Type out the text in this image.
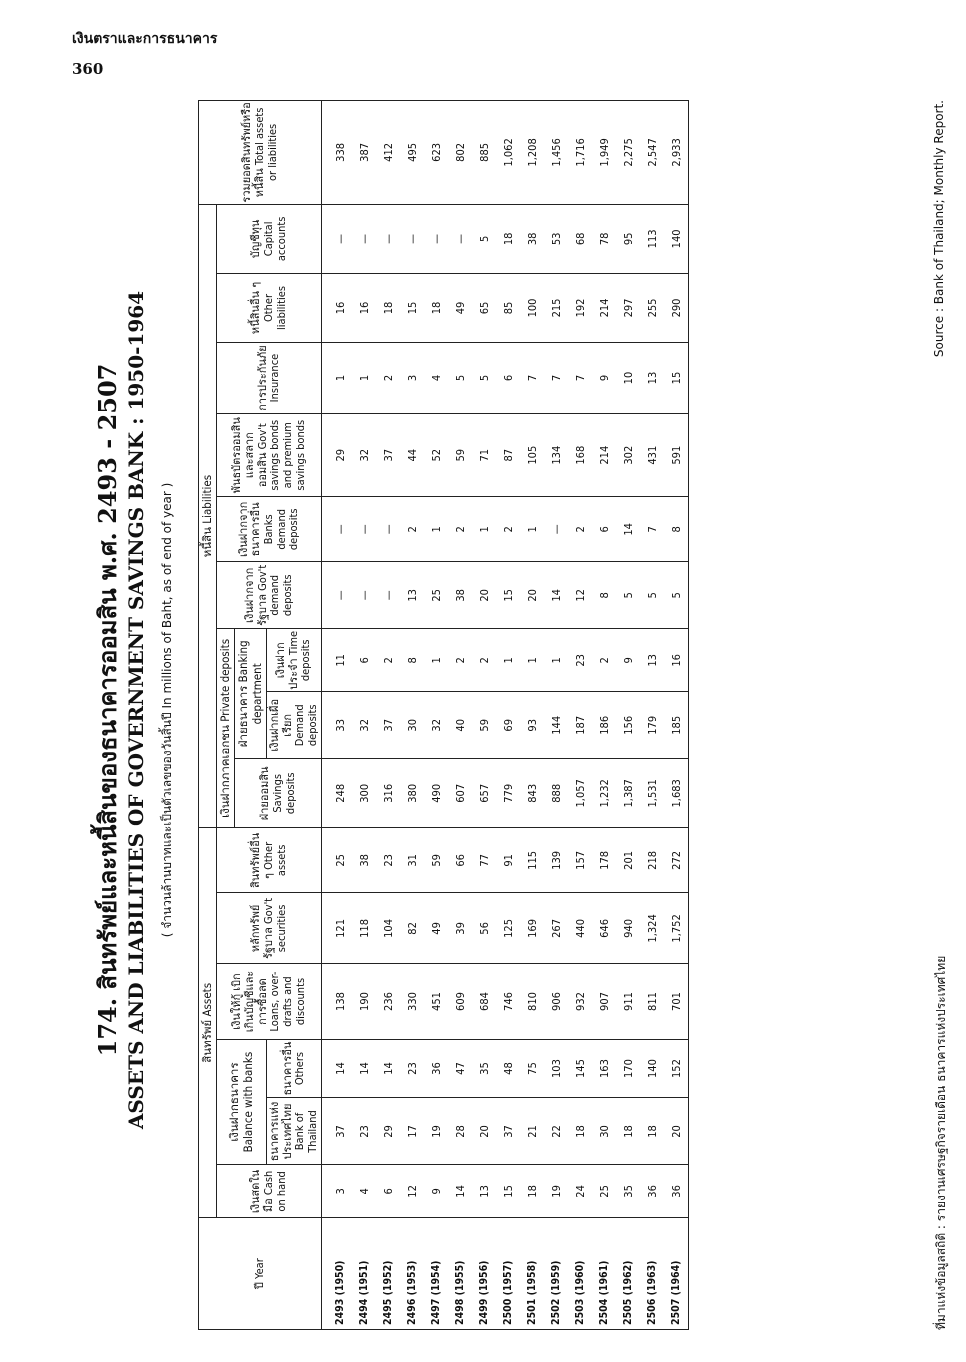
เงินตราและการธนาคาร
360
174. สินทรัพย์และหนี้สินของธนาคารออมสิน พ.ศ. 2493 - 2507 ASSETS AND LIABILITIES OF GOVERNMENT SAVINGS BANK : 1950-1964 ( จำนวนล้านบาทและเป็นตัวเลขของวันสิ้นปี In millions of Baht, as of end of year )
ปี Year	สินทรัพย์ Assets						หนี้สิน Liabilities									รวมยอดสินทรัพย์หรือหนี้สิน Total assets or liabilities
	เงินสดในมือ Cash on hand	เงินฝากธนาคาร Balance with banks		เงินให้กู้ เบิกเกินบัญชีและการซื้อลด Loans, over-drafts and discounts	หลักทรัพย์รัฐบาล Gov't securities	สินทรัพย์อื่น ๆ Other assets	เงินฝากภาคเอกชน Private deposits			เงินฝากจากรัฐบาล Gov't demand deposits	เงินฝากจากธนาคารอื่น Banks demand deposits	พันธบัตรออมสินและสลากออมสิน Gov't savings bonds and premium savings bonds	การประกันภัย Insurance	หนี้สินอื่น ๆ Other liabilities	บัญชีทุน Capital accounts	
							ฝ่ายออมสิน Savings deposits	ฝ่ายธนาคาร Banking department								
		ธนาคารแห่งประเทศไทย Bank of Thailand	ธนาคารอื่น Others					เงินฝากเผื่อเรียก Demand deposits	เงินฝากประจำ Time deposits							
2493 (1950)	3	37	14	138	121	25	248	33	11	—	—	29	1	16	—	338
2494 (1951)	4	23	14	190	118	38	300	32	6	—	—	32	1	16	—	387
2495 (1952)	6	29	14	236	104	23	316	37	2	—	—	37	2	18	—	412
2496 (1953)	12	17	23	330	82	31	380	30	8	13	2	44	3	15	—	495
2497 (1954)	9	19	36	451	49	59	490	32	1	25	1	52	4	18	—	623
2498 (1955)	14	28	47	609	39	66	607	40	2	38	2	59	5	49	—	802
2499 (1956)	13	20	35	684	56	77	657	59	2	20	1	71	5	65	5	885
2500 (1957)	15	37	48	746	125	91	779	69	1	15	2	87	6	85	18	1,062
2501 (1958)	18	21	75	810	169	115	843	93	1	20	1	105	7	100	38	1,208
2502 (1959)	19	22	103	906	267	139	888	144	1	14	—	134	7	215	53	1,456
2503 (1960)	24	18	145	932	440	157	1,057	187	23	12	2	168	7	192	68	1,716
2504 (1961)	25	30	163	907	646	178	1,232	186	2	8	6	214	9	214	78	1,949
2505 (1962)	35	18	170	911	940	201	1,387	156	9	5	14	302	10	297	95	2,275
2506 (1963)	36	18	140	811	1,324	218	1,531	179	13	5	7	431	13	255	113	2,547
2507 (1964)	36	20	152	701	1,752	272	1,683	185	16	5	8	591	15	290	140	2,933
ที่มาแห่งข้อมูลสถิติ : รายงานเศรษฐกิจรายเดือน ธนาคารแห่งประเทศไทย
Source : Bank of Thailand; Monthly Report.
